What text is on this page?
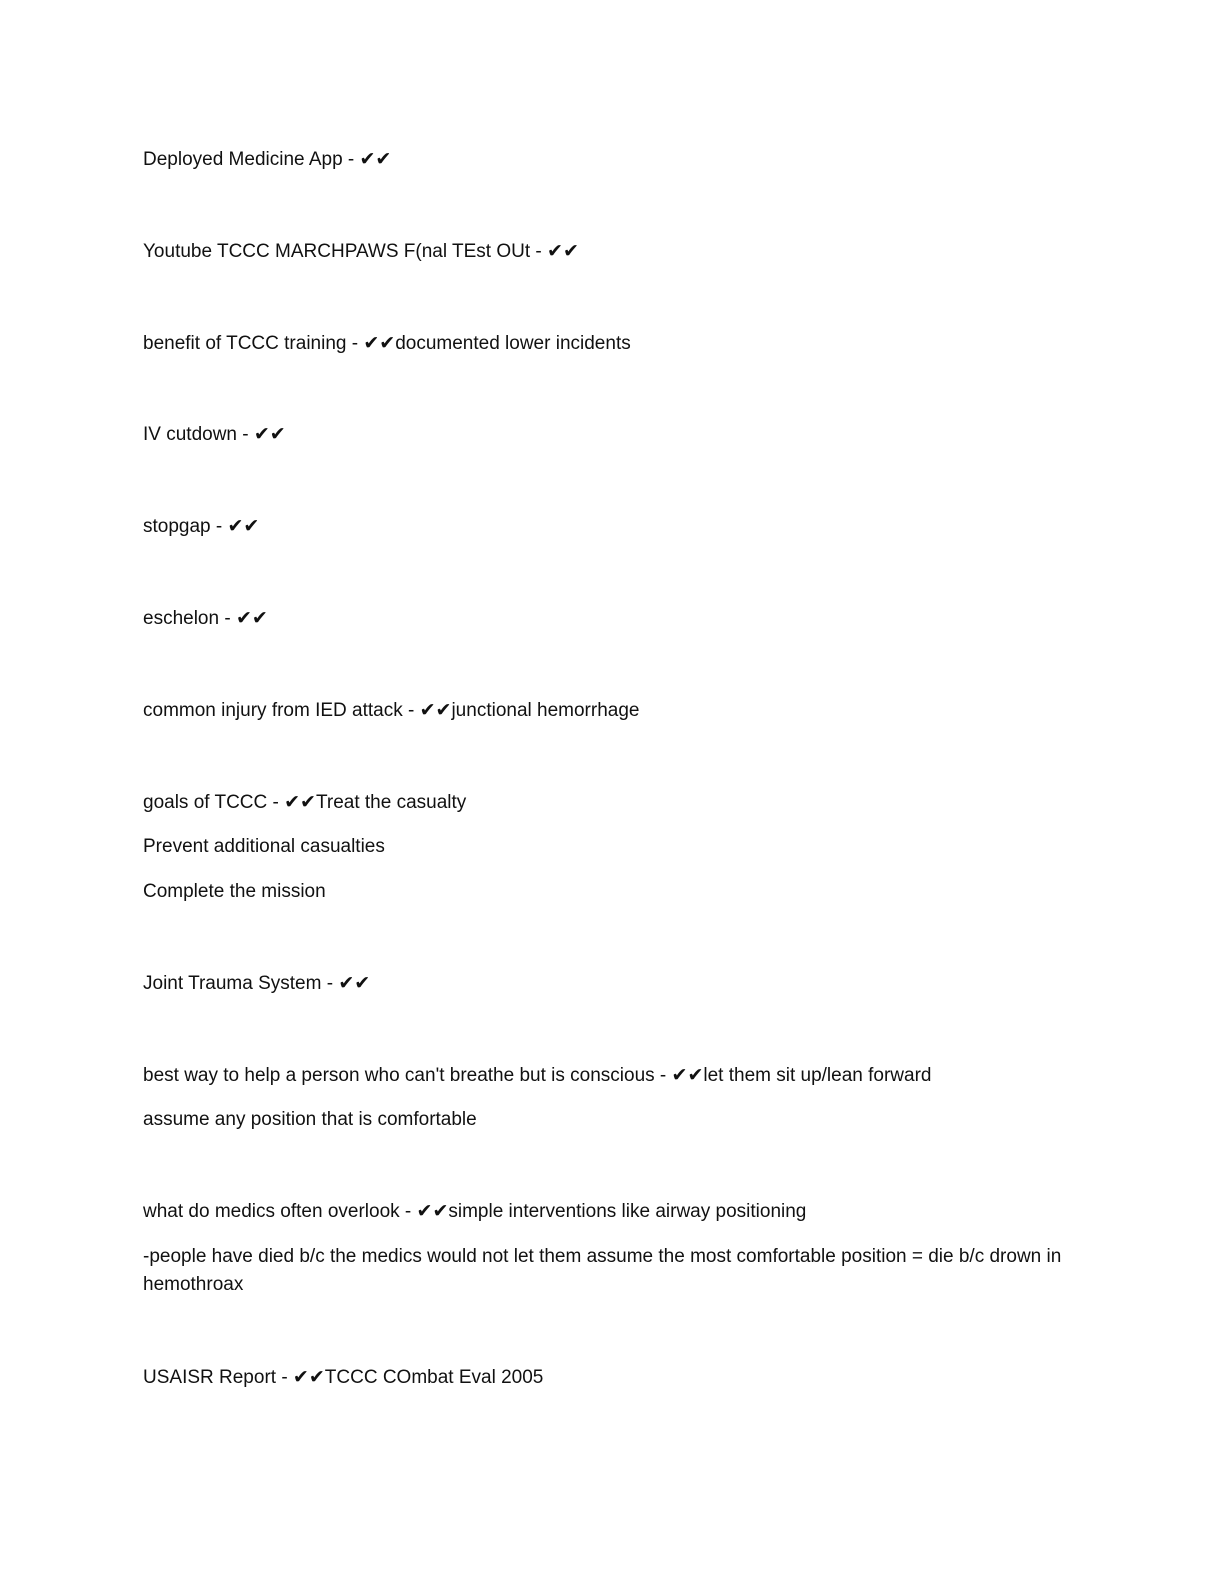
Deployed Medicine App - ✔✔
Youtube TCCC MARCHPAWS F(nal TEst OUt - ✔✔
benefit of TCCC training - ✔✔documented lower incidents
IV cutdown - ✔✔
stopgap - ✔✔
eschelon - ✔✔
common injury from IED attack - ✔✔junctional hemorrhage
goals of TCCC - ✔✔Treat the casualty
Prevent additional casualties
Complete the mission
Joint Trauma System - ✔✔
best way to help a person who can't breathe but is conscious - ✔✔let them sit up/lean forward
assume any position that is comfortable
what do medics often overlook - ✔✔simple interventions like airway positioning
-people have died b/c the medics would not let them assume the most comfortable position = die b/c drown in hemothroax
USAISR Report - ✔✔TCCC COmbat Eval 2005
